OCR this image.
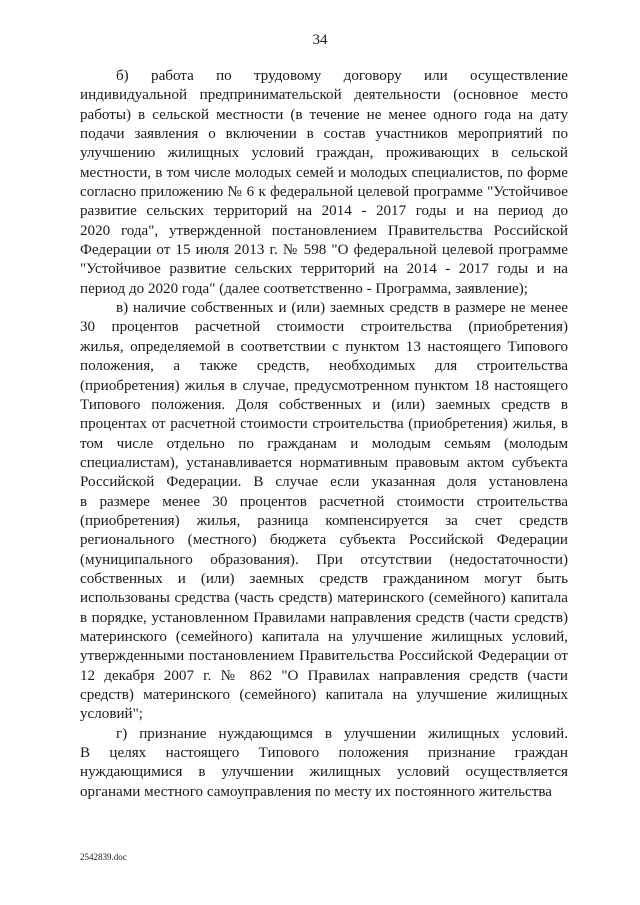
34
б) работа по трудовому договору или осуществление
индивидуальной предпринимательской деятельности (основное место
работы) в сельской местности (в течение не менее одного года на дату
подачи заявления о включении в состав участников мероприятий по
улучшению жилищных условий граждан, проживающих в сельской
местности, в том числе молодых семей и молодых специалистов, по форме
согласно приложению № 6 к федеральной целевой программе "Устойчивое
развитие сельских территорий на 2014 - 2017 годы и на период до
2020 года", утвержденной постановлением Правительства Российской
Федерации от 15 июля 2013 г. № 598 "О федеральной целевой программе
"Устойчивое развитие сельских территорий на 2014 - 2017 годы и на
период до 2020 года" (далее соответственно - Программа, заявление);
в) наличие собственных и (или) заемных средств в размере не менее
30 процентов расчетной стоимости строительства (приобретения)
жилья, определяемой в соответствии с пунктом 13 настоящего Типового
положения, а также средств, необходимых для строительства
(приобретения) жилья в случае, предусмотренном пунктом 18 настоящего
Типового положения. Доля собственных и (или) заемных средств в
процентах от расчетной стоимости строительства (приобретения) жилья, в
том числе отдельно по гражданам и молодым семьям (молодым
специалистам), устанавливается нормативным правовым актом субъекта
Российской Федерации. В случае если указанная доля установлена
в размере менее 30 процентов расчетной стоимости строительства
(приобретения) жилья, разница компенсируется за счет средств
регионального (местного) бюджета субъекта Российской Федерации
(муниципального образования). При отсутствии (недостаточности)
собственных и (или) заемных средств гражданином могут быть
использованы средства (часть средств) материнского (семейного) капитала
в порядке, установленном Правилами направления средств (части средств)
материнского (семейного) капитала на улучшение жилищных условий,
утвержденными постановлением Правительства Российской Федерации от
12 декабря 2007 г. № 862 "О Правилах направления средств (части
средств) материнского (семейного) капитала на улучшение жилищных
условий";
г) признание нуждающимся в улучшении жилищных условий.
В целях настоящего Типового положения признание граждан
нуждающимися в улучшении жилищных условий осуществляется
органами местного самоуправления по месту их постоянного жительства
2542839.doc
